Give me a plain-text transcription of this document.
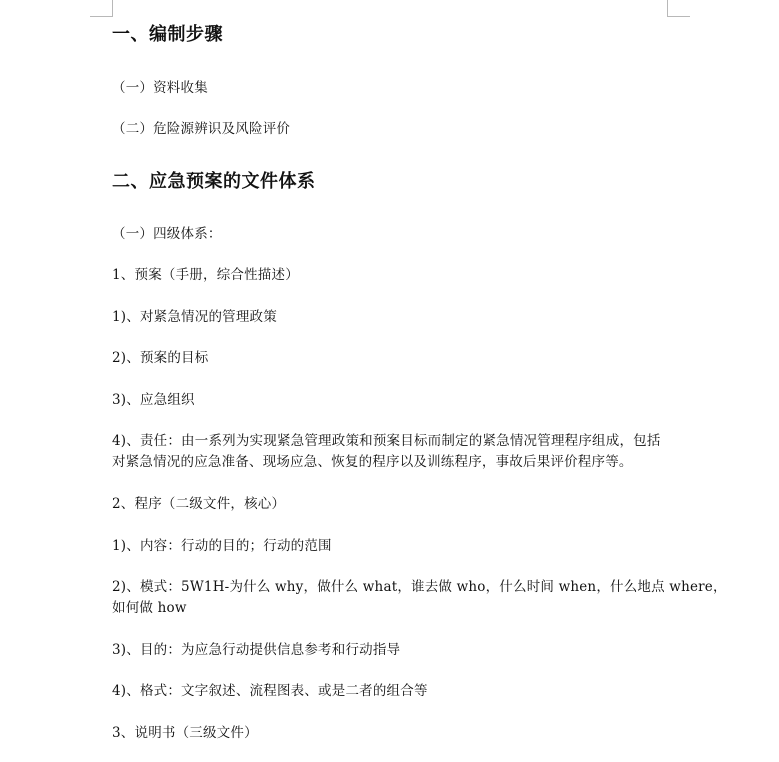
一、编制步骤
（一）资料收集
（二）危险源辨识及风险评价
二、应急预案的文件体系
（一）四级体系：
1、预案（手册，综合性描述）
1)、对紧急情况的管理政策
2)、预案的目标
3)、应急组织
4)、责任：由一系列为实现紧急管理政策和预案目标而制定的紧急情况管理程序组成，包括
对紧急情况的应急准备、现场应急、恢复的程序以及训练程序，事故后果评价程序等。
2、程序（二级文件，核心）
1)、内容：行动的目的；行动的范围
2)、模式：5W1H-为什么 why，做什么 what，谁去做 who，什么时间 when，什么地点 where，
如何做 how
3)、目的：为应急行动提供信息参考和行动指导
4)、格式：文字叙述、流程图表、或是二者的组合等
3、说明书（三级文件）
